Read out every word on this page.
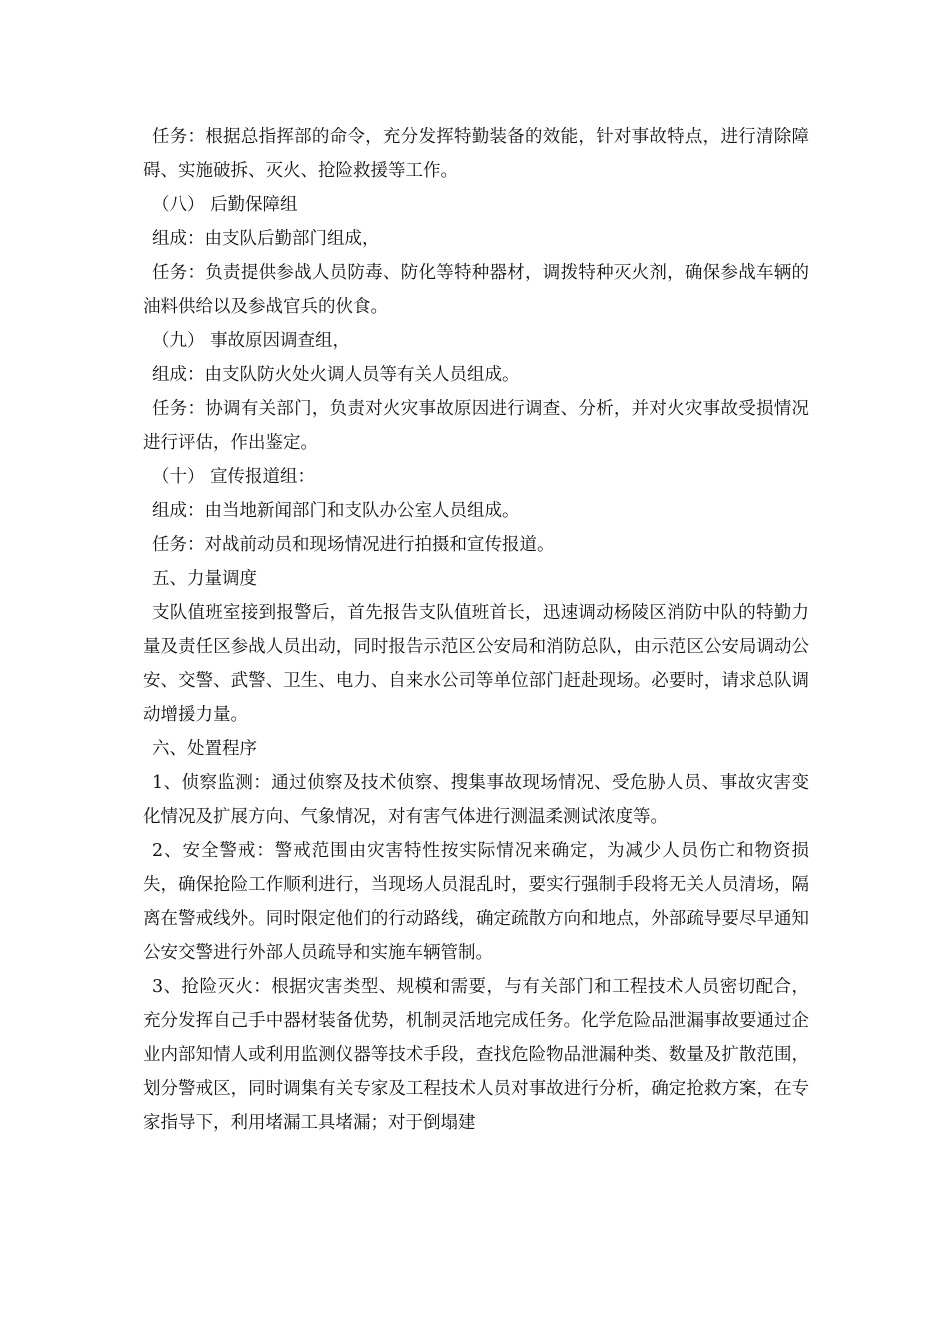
任务：根据总指挥部的命令，充分发挥特勤装备的效能，针对事故特点，进行清除障碍、实施破拆、灭火、抢险救援等工作。

（八） 后勤保障组

组成：由支队后勤部门组成，

任务：负责提供参战人员防毒、防化等特种器材，调拨特种灭火剂，确保参战车辆的油料供给以及参战官兵的伙食。

（九） 事故原因调查组，

组成：由支队防火处火调人员等有关人员组成。

任务：协调有关部门，负责对火灾事故原因进行调查、分析，并对火灾事故受损情况进行评估，作出鉴定。

（十） 宣传报道组：

组成：由当地新闻部门和支队办公室人员组成。

任务：对战前动员和现场情况进行拍摄和宣传报道。

五、力量调度

支队值班室接到报警后，首先报告支队值班首长，迅速调动杨陵区消防中队的特勤力量及责任区参战人员出动，同时报告示范区公安局和消防总队，由示范区公安局调动公安、交警、武警、卫生、电力、自来水公司等单位部门赶赴现场。必要时，请求总队调动增援力量。

六、处置程序

1、侦察监测：通过侦察及技术侦察、搜集事故现场情况、受危胁人员、事故灾害变化情况及扩展方向、气象情况，对有害气体进行测温柔测试浓度等。

2、安全警戒：警戒范围由灾害特性按实际情况来确定，为减少人员伤亡和物资损失，确保抢险工作顺利进行，当现场人员混乱时，要实行强制手段将无关人员清场，隔离在警戒线外。同时限定他们的行动路线，确定疏散方向和地点，外部疏导要尽早通知公安交警进行外部人员疏导和实施车辆管制。

3、抢险灭火：根据灾害类型、规模和需要，与有关部门和工程技术人员密切配合，充分发挥自己手中器材装备优势，机制灵活地完成任务。化学危险品泄漏事故要通过企业内部知情人或利用监测仪器等技术手段，查找危险物品泄漏种类、数量及扩散范围，划分警戒区，同时调集有关专家及工程技术人员对事故进行分析，确定抢救方案，在专家指导下，利用堵漏工具堵漏；对于倒塌建
